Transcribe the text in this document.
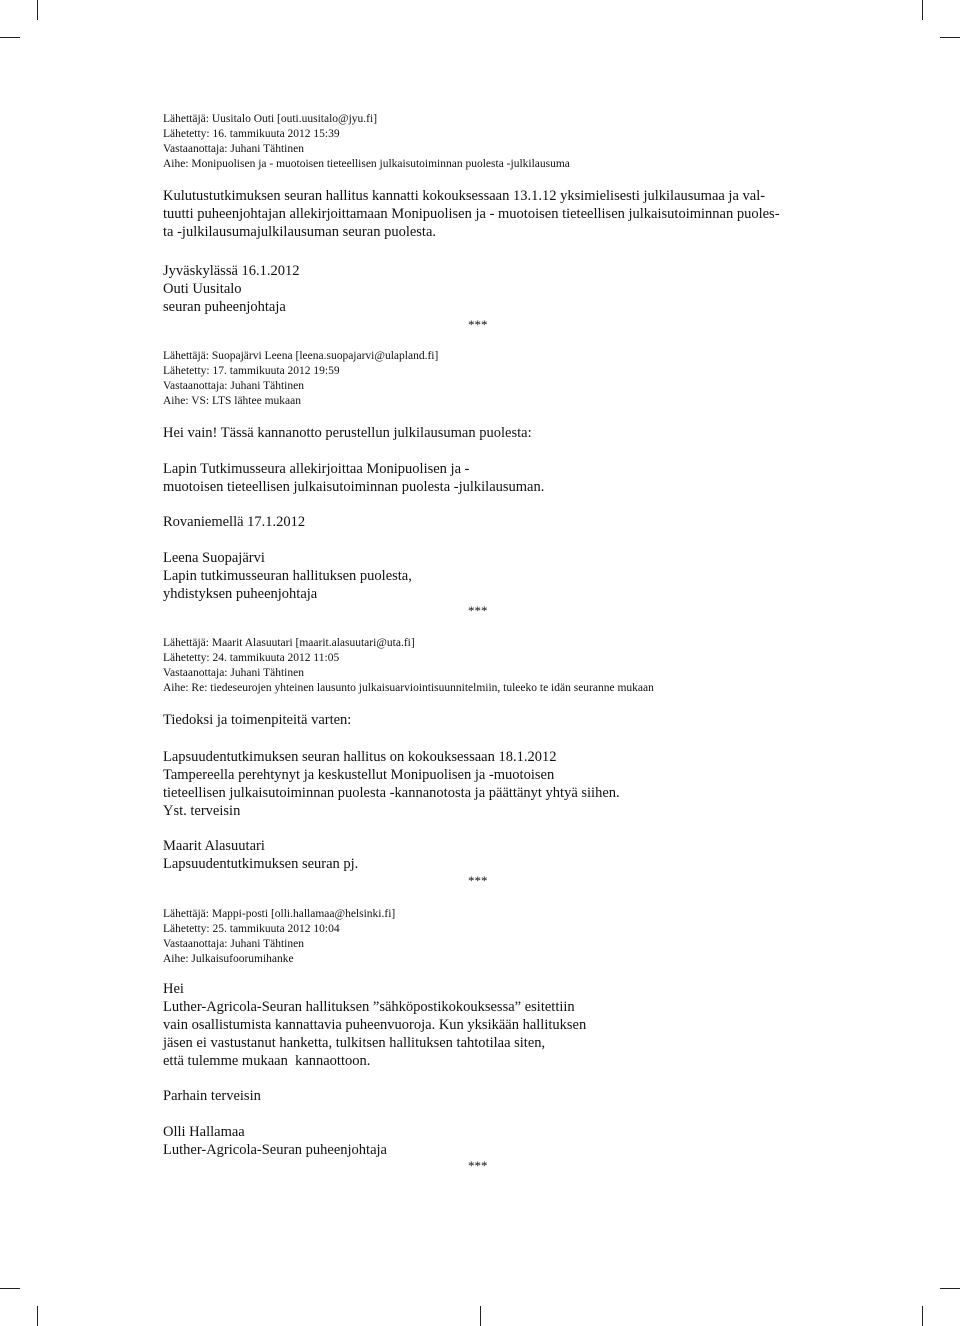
Lähettäjä: Uusitalo Outi [outi.uusitalo@jyu.fi]
Lähetetty: 16. tammikuuta 2012 15:39
Vastaanottaja: Juhani Tähtinen
Aihe: Monipuolisen ja - muotoisen tieteellisen julkaisutoiminnan puolesta -julkilausuma
Kulutustutkimuksen seuran hallitus kannatti kokouksessaan 13.1.12 yksimielisesti julkilausumaa ja val-
tuutti puheenjohtajan allekirjoittamaan Monipuolisen ja - muotoisen tieteellisen julkaisutoiminnan puoles-
ta -julkilausumajulkilausuman seuran puolesta.
Jyväskylässä 16.1.2012
Outi Uusitalo
seuran puheenjohtaja
***
Lähettäjä: Suopajärvi Leena [leena.suopajarvi@ulapland.fi]
Lähetetty: 17. tammikuuta 2012 19:59
Vastaanottaja: Juhani Tähtinen
Aihe: VS: LTS lähtee mukaan
Hei vain! Tässä kannanotto perustellun julkilausuman puolesta:
Lapin Tutkimusseura allekirjoittaa Monipuolisen ja -
muotoisen tieteellisen julkaisutoiminnan puolesta -julkilausuman.
Rovaniemellä 17.1.2012
Leena Suopajärvi
Lapin tutkimusseuran hallituksen puolesta,
yhdistyksen puheenjohtaja
***
Lähettäjä: Maarit Alasuutari [maarit.alasuutari@uta.fi]
Lähetetty: 24. tammikuuta 2012 11:05
Vastaanottaja: Juhani Tähtinen
Aihe: Re: tiedeseurojen yhteinen lausunto julkaisuarviointisuunnitelmiin, tuleeko te idän seuranne mukaan
Tiedoksi ja toimenpiteitä varten:
Lapsuudentutkimuksen seuran hallitus on kokouksessaan 18.1.2012
Tampereella perehtynyt ja keskustellut Monipuolisen ja -muotoisen
tieteellisen julkaisutoiminnan puolesta -kannanotosta ja päättänyt yhtyä siihen.
Yst. terveisin
Maarit Alasuutari
Lapsuudentutkimuksen seuran pj.
***
Lähettäjä: Mappi-posti [olli.hallamaa@helsinki.fi]
Lähetetty: 25. tammikuuta 2012 10:04
Vastaanottaja: Juhani Tähtinen
Aihe: Julkaisufoorumihanke
Hei
Luther-Agricola-Seuran hallituksen ”sähköpostikokouksessa” esitettiin
vain osallistumista kannattavia puheenvuoroja. Kun yksikään hallituksen
jäsen ei vastustanut hanketta, tulkitsen hallituksen tahtotilaa siten,
että tulemme mukaan  kannaottoon.
Parhain terveisin
Olli Hallamaa
Luther-Agricola-Seuran puheenjohtaja
***
